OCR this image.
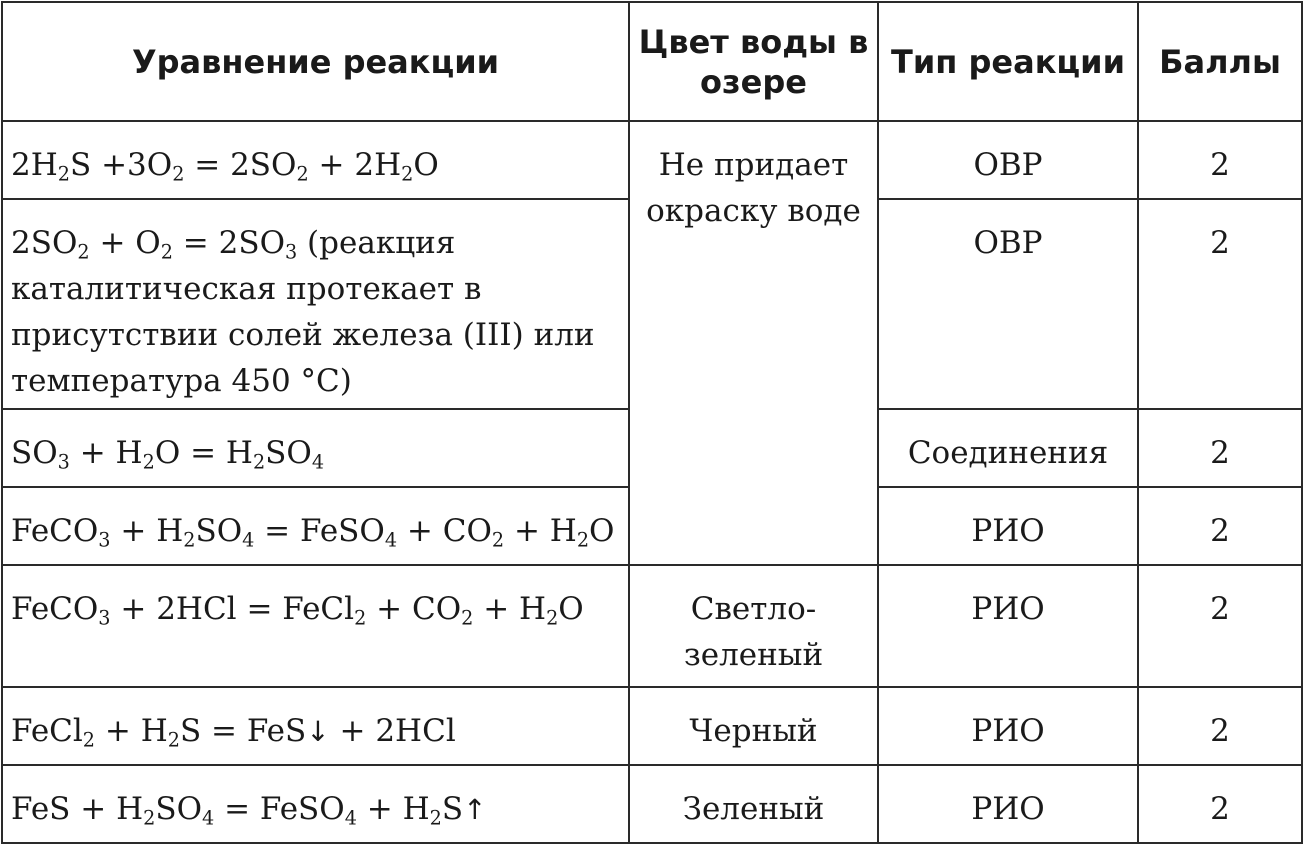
Уравнение реакции	Цвет воды в озере	Тип реакции	Баллы
$2H_2S +3O_2 = 2SO_2 + 2H_2O$	Не придает окраску воде	ОВР	2
$2SO_2 + O_2 = 2SO_3$ (реакция каталитическая протекает в присутствии солей железа (III) или температура 450 °C)		ОВР	2
$SO_3 + H_2O = H_2SO_4$		Соединения	2
FeCO$_3$ + $H_2SO_4$ = FeSO$_4$ + $CO_2 + H_2O$		РИО	2
FeCO$_3$ + 2HCl = FeCl$_2$ + $CO_2 + H_2O$	Светло-зеленый	РИО	2
FeCl$_2$ + $H_2S$ = FeS↓ + 2HCl	Черный	РИО	2
FeS + $H_2SO_4$ = FeSO$_4$ + $H_2S↑$	Зеленый	РИО	2
